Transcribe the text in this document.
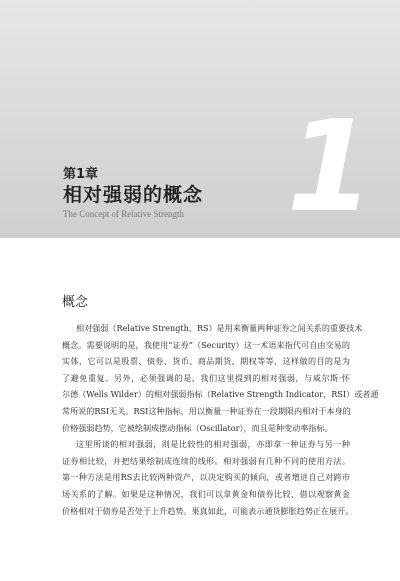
1
第1章
相对强弱的概念
The Concept of Relative Strength
概念
相对强弱（Relative Strength，RS）是用来衡量两种证券之间关系的重要技术
概念。需要说明的是，我使用“证券”（Security）这一术语来指代可自由交易的
实体，它可以是股票、债券、货币、商品期货、期权等等，这样做的目的是为
了避免重复。另外，必须强调的是，我们这里提到的相对强弱，与威尔斯·怀
尔德（Wells Wilder）的相对强弱指标（Relative Strength Indicator，RSI）或者通
常所说的RSI无关。RSI这种指标，用以衡量一种证券在一段期限内相对于本身的
价格强弱趋势，它被绘制成摆动指标（Oscillator），而且是种变动率指标。
这里所谈的相对强弱，则是比较性的相对强弱，亦即拿一种证券与另一种
证券相比较，并把结果绘制成连续的线形。相对强弱有几种不同的使用方法。
第一种方法是用RS去比较两种资产，以决定购买的倾向，或者增进自己对跨市
场关系的了解。如果是这种情况，我们可以拿黄金和债券比较，借以观察黄金
价格相对于债券是否处于上升趋势。果真如此，可能表示通货膨胀趋势正在展开。
